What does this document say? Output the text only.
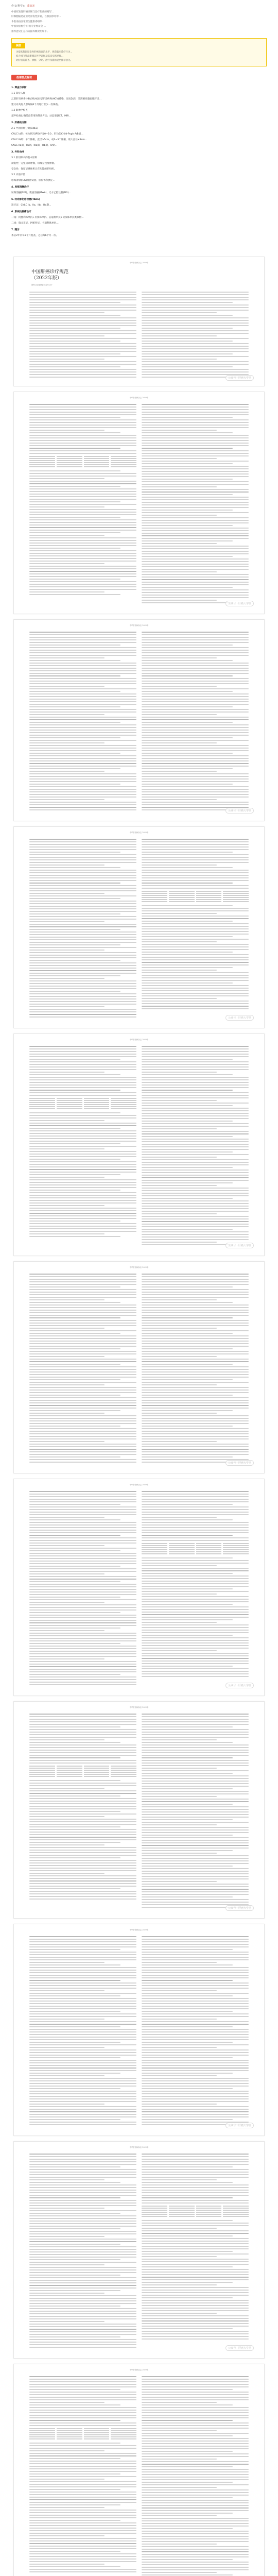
作文(科学)： 董忠光

中国原发性肝癌诊断与治疗指南的编写...

肝细胞癌是最常见原发性肝癌，在我国诊疗中...

本指南由国家卫生健康委组织...

中国抗癌协会 肝癌专业委员会 ...

推荐意见汇总与证据等级说明如下。

摘要

为提高我国原发性肝癌的诊治水平，规范临床诊疗行为...

结合国内外最新循证医学证据及临床实践经验...

对肝癌的筛查、诊断、分期、治疗及随访提出推荐意见。

指南要点解读

1. 筛查与诊断

1.1 高危人群

乙型肝炎病毒(HBV)和/或丙型肝炎病毒(HCV)感染、过度饮酒、非酒精性脂肪性肝炎...

建议对高危人群每隔6个月进行至少一次筛查。

1.2 影像学检查

超声检查(US)是最常用的筛查方法；动态增强CT、MRI...

2. 肝癌的分期

2.1 中国肝癌分期(CNLC)

CNLC Ia期：体力状况(PS)评分0~2分，肝功能Child-Pugh A/B级...

CNLC Ib期：单个肿瘤，直径>5cm，或2~3个肿瘤，最大直径≤3cm...

CNLC IIa期、IIb期、IIIa期、IIIb期、IV期...

3. 外科治疗

3.1 肝切除术的基本原则

彻底性：完整切除肿瘤，切缘无残留肿瘤。

安全性：保留足够体积且有功能的肝组织。

3.2 术前评估

吲哚菁绿(ICG)排泄试验、肝脏体积测定...

4. 局部消融治疗

射频消融(RFA)、微波消融(MWA)、无水乙醇注射(PEI)...

5. 经动脉化疗栓塞(TACE)

适应证：CNLC Ib、IIa、IIb、IIIa期...

6. 系统抗肿瘤治疗

一线：阿替利珠单抗+贝伐珠单抗、信迪利单抗+贝伐珠单抗类似物...

二线：瑞戈非尼、阿帕替尼、卡瑞利珠单抗...

7. 随访

术后2年内每3个月复查，之后每6个月一次。

中华肝脏病杂志 2022年
中国肝癌诊疗规范
（2022年版）
国家卫生健康委员会办公厅
公众号 · 肝癌大学堂
中华肝脏病杂志 2022年
公众号 · 肝癌大学堂
中华肝脏病杂志 2022年
公众号 · 肝癌大学堂
中华肝脏病杂志 2022年
公众号 · 肝癌大学堂
中华肝脏病杂志 2022年
公众号 · 肝癌大学堂
中华肝脏病杂志 2022年
公众号 · 肝癌大学堂
中华肝脏病杂志 2022年
公众号 · 肝癌大学堂
中华肝脏病杂志 2022年
公众号 · 肝癌大学堂
中华肝脏病杂志 2022年
公众号 · 肝癌大学堂
中华肝脏病杂志 2022年
公众号 · 肝癌大学堂
中华肝脏病杂志 2022年
